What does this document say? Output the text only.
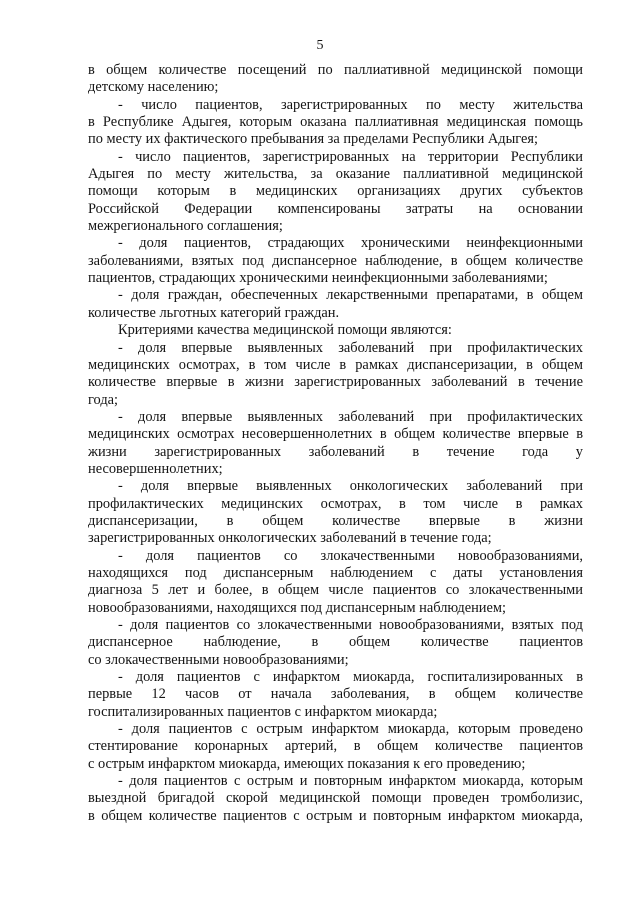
5
в общем количестве посещений по паллиативной медицинской помощи
детскому населению;
- число пациентов, зарегистрированных по месту жительства
в Республике Адыгея, которым оказана паллиативная медицинская помощь
по месту их фактического пребывания за пределами Республики Адыгея;
- число пациентов, зарегистрированных на территории Республики
Адыгея по месту жительства, за оказание паллиативной медицинской
помощи которым в медицинских организациях других субъектов
Российской Федерации компенсированы затраты на основании
межрегионального соглашения;
- доля пациентов, страдающих хроническими неинфекционными
заболеваниями, взятых под диспансерное наблюдение, в общем количестве
пациентов, страдающих хроническими неинфекционными заболеваниями;
- доля граждан, обеспеченных лекарственными препаратами, в общем
количестве льготных категорий граждан.
Критериями качества медицинской помощи являются:
- доля впервые выявленных заболеваний при профилактических
медицинских осмотрах, в том числе в рамках диспансеризации, в общем
количестве впервые в жизни зарегистрированных заболеваний в течение
года;
- доля впервые выявленных заболеваний при профилактических
медицинских осмотрах несовершеннолетних в общем количестве впервые в
жизни зарегистрированных заболеваний в течение года у
несовершеннолетних;
- доля впервые выявленных онкологических заболеваний при
профилактических медицинских осмотрах, в том числе в рамках
диспансеризации, в общем количестве впервые в жизни
зарегистрированных онкологических заболеваний в течение года;
- доля пациентов со злокачественными новообразованиями,
находящихся под диспансерным наблюдением с даты установления
диагноза 5 лет и более, в общем числе пациентов со злокачественными
новообразованиями, находящихся под диспансерным наблюдением;
- доля пациентов со злокачественными новообразованиями, взятых под
диспансерное наблюдение, в общем количестве пациентов
со злокачественными новообразованиями;
- доля пациентов с инфарктом миокарда, госпитализированных в
первые 12 часов от начала заболевания, в общем количестве
госпитализированных пациентов с инфарктом миокарда;
- доля пациентов с острым инфарктом миокарда, которым проведено
стентирование коронарных артерий, в общем количестве пациентов
с острым инфарктом миокарда, имеющих показания к его проведению;
- доля пациентов с острым и повторным инфарктом миокарда, которым
выездной бригадой скорой медицинской помощи проведен тромболизис,
в общем количестве пациентов с острым и повторным инфарктом миокарда,
